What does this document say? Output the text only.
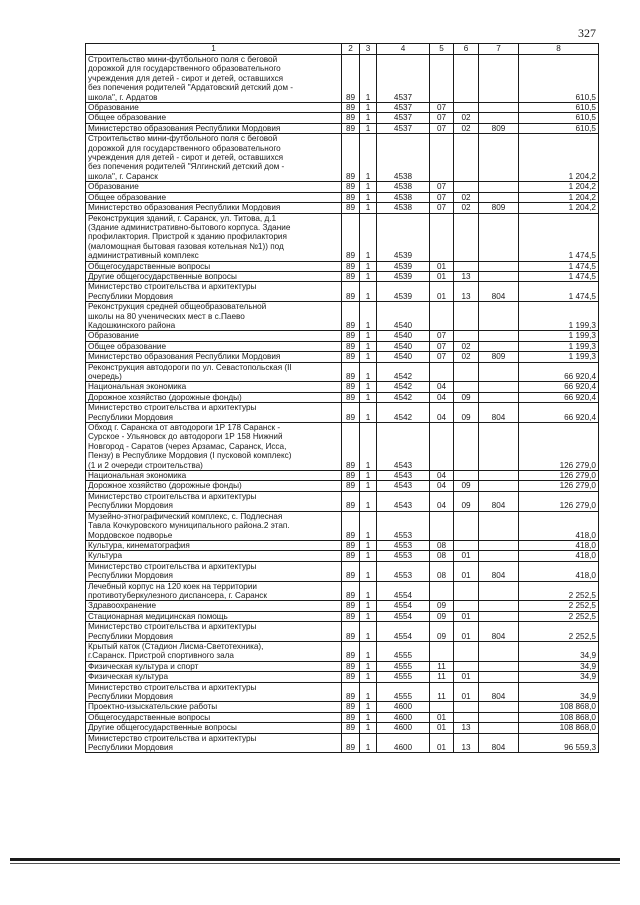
327
1	2	3	4	5	6	7	8
Строительство мини-футбольного поля с беговой
дорожкой для государственного образовательного
учреждения для детей - сирот и детей, оставшихся
без попечения родителей "Ардатовский детский дом -
школа", г. Ардатов	89	1	4537				610,5
Образование	89	1	4537	07			610,5
Общее образование	89	1	4537	07	02		610,5
Министерство образования Республики Мордовия	89	1	4537	07	02	809	610,5
Строительство мини-футбольного поля с беговой
дорожкой для государственного образовательного
учреждения для детей - сирот и детей, оставшихся
без попечения родителей "Ялгинский детский дом -
школа", г. Саранск	89	1	4538				1 204,2
Образование	89	1	4538	07			1 204,2
Общее образование	89	1	4538	07	02		1 204,2
Министерство образования Республики Мордовия	89	1	4538	07	02	809	1 204,2
Реконструкция зданий, г. Саранск, ул. Титова, д.1
(Здание административно-бытового корпуса. Здание
профилактория. Пристрой к зданию профилактория
(маломощная бытовая газовая котельная №1)) под
административный комплекс	89	1	4539				1 474,5
Общегосударственные вопросы	89	1	4539	01			1 474,5
Другие общегосударственные вопросы	89	1	4539	01	13		1 474,5
Министерство строительства и архитектуры
Республики Мордовия	89	1	4539	01	13	804	1 474,5
Реконструкция средней общеобразовательной
школы на 80 ученических мест в с.Паево
Кадошкинского района	89	1	4540				1 199,3
Образование	89	1	4540	07			1 199,3
Общее образование	89	1	4540	07	02		1 199,3
Министерство образования Республики Мордовия	89	1	4540	07	02	809	1 199,3
Реконструкция автодороги по ул. Севастопольская (II
очередь)	89	1	4542				66 920,4
Национальная экономика	89	1	4542	04			66 920,4
Дорожное хозяйство (дорожные фонды)	89	1	4542	04	09		66 920,4
Министерство строительства и архитектуры
Республики Мордовия	89	1	4542	04	09	804	66 920,4
Обход г. Саранска от автодороги 1Р 178 Саранск -
Сурское - Ульяновск до автодороги 1Р 158 Нижний
Новгород - Саратов (через Арзамас, Саранск, Исса,
Пензу) в Республике Мордовия (I пусковой комплекс)
(1 и 2 очереди строительства)	89	1	4543				126 279,0
Национальная экономика	89	1	4543	04			126 279,0
Дорожное хозяйство (дорожные фонды)	89	1	4543	04	09		126 279,0
Министерство строительства и архитектуры
Республики Мордовия	89	1	4543	04	09	804	126 279,0
Музейно-этнографический комплекс, с. Подлесная
Тавла Кочкуровского муниципального района.2 этап.
Мордовское подворье	89	1	4553				418,0
Культура, кинематография	89	1	4553	08			418,0
Культура	89	1	4553	08	01		418,0
Министерство строительства и архитектуры
Республики Мордовия	89	1	4553	08	01	804	418,0
Лечебный корпус на 120 коек на территории
противотуберкулезного диспансера, г. Саранск	89	1	4554				2 252,5
Здравоохранение	89	1	4554	09			2 252,5
Стационарная медицинская помощь	89	1	4554	09	01		2 252,5
Министерство строительства и архитектуры
Республики Мордовия	89	1	4554	09	01	804	2 252,5
Крытый каток (Стадион Лисма-Светотехника),
г.Саранск. Пристрой спортивного зала	89	1	4555				34,9
Физическая культура и спорт	89	1	4555	11			34,9
Физическая культура	89	1	4555	11	01		34,9
Министерство строительства и архитектуры
Республики Мордовия	89	1	4555	11	01	804	34,9
Проектно-изыскательские работы	89	1	4600				108 868,0
Общегосударственные вопросы	89	1	4600	01			108 868,0
Другие общегосударственные вопросы	89	1	4600	01	13		108 868,0
Министерство строительства и архитектуры
Республики Мордовия	89	1	4600	01	13	804	96 559,3
